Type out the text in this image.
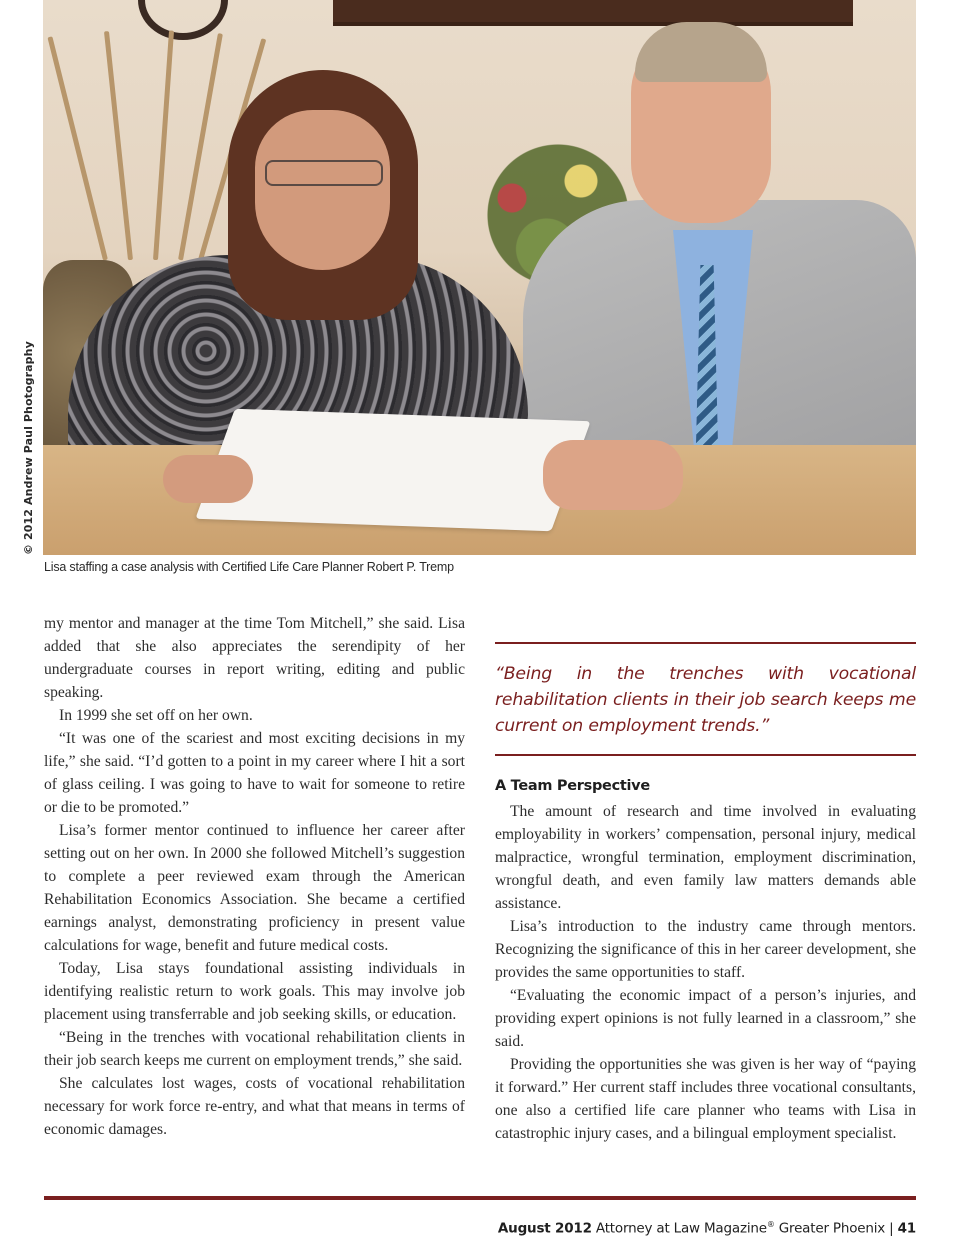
© 2012 Andrew Paul Photography
Lisa staffing a case analysis with Certified Life Care Planner Robert P. Tremp

my mentor and manager at the time Tom Mitchell,” she said. Lisa added that she also appreciates the serendipity of her undergraduate courses in report writing, editing and public speaking.

In 1999 she set off on her own.

“It was one of the scariest and most exciting decisions in my life,” she said. “I’d gotten to a point in my career where I hit a sort of glass ceiling. I was going to have to wait for someone to retire or die to be promoted.”

Lisa’s former mentor continued to influence her career after setting out on her own. In 2000 she followed Mitchell’s suggestion to complete a peer reviewed exam through the American Rehabilitation Economics Association. She became a certified earnings analyst, demonstrating proficiency in present value calculations for wage, benefit and future medical costs.

Today, Lisa stays foundational assisting individuals in identifying realistic return to work goals. This may involve job placement using transferrable and job seeking skills, or education.

“Being in the trenches with vocational rehabilitation clients in their job search keeps me current on employment trends,” she said.

She calculates lost wages, costs of vocational rehabilitation necessary for work force re-entry, and what that means in terms of economic damages.

“Being in the trenches with vocational rehabilitation clients in their job search keeps me current on employment trends.”
A Team Perspective

The amount of research and time involved in evaluating employability in workers’ compensation, personal injury, medical malpractice, wrongful termination, employment discrimination, wrongful death, and even family law matters demands able assistance.

Lisa’s introduction to the industry came through mentors. Recognizing the significance of this in her career development, she provides the same opportunities to staff.

“Evaluating the economic impact of a person’s injuries, and providing expert opinions is not fully learned in a classroom,” she said.

Providing the opportunities she was given is her way of “paying it forward.” Her current staff includes three vocational consultants, one also a certified life care planner who teams with Lisa in catastrophic injury cases, and a bilingual employment specialist.

August 2012 Attorney at Law Magazine® Greater Phoenix | 41
